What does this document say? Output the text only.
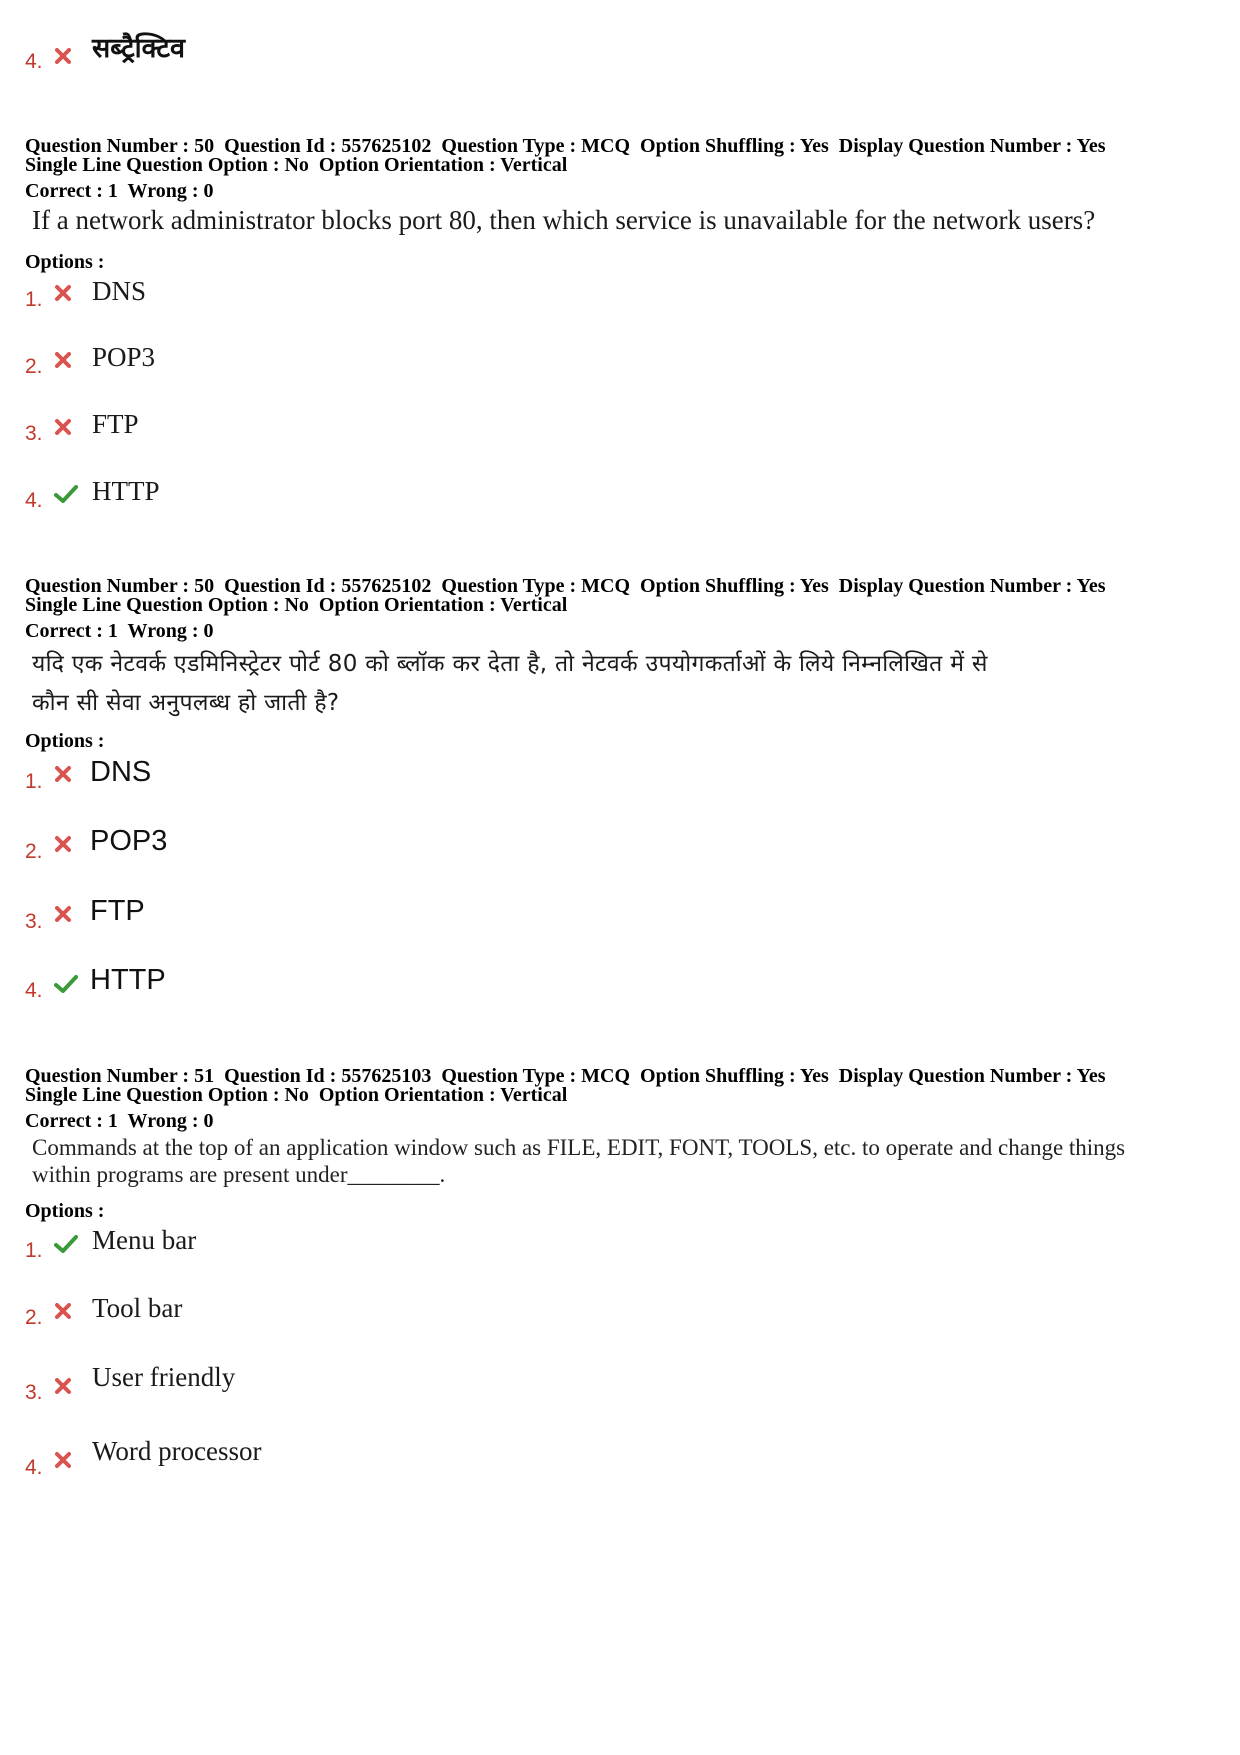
4. सब्ट्रैक्टिव
Question Number : 50  Question Id : 557625102  Question Type : MCQ  Option Shuffling : Yes  Display Question Number : Yes
Single Line Question Option : No  Option Orientation : Vertical
Correct : 1  Wrong : 0
If a network administrator blocks port 80, then which service is unavailable for the network users?
Options :
1. DNS
2. POP3
3. FTP
4. HTTP
Question Number : 50  Question Id : 557625102  Question Type : MCQ  Option Shuffling : Yes  Display Question Number : Yes
Single Line Question Option : No  Option Orientation : Vertical
Correct : 1  Wrong : 0
यदि एक नेटवर्क एडमिनिस्ट्रेटर पोर्ट 80 को ब्लॉक कर देता है, तो नेटवर्क उपयोगकर्ताओं के लिये निम्नलिखित में से
कौन सी सेवा अनुपलब्ध हो जाती है?
Options :
1. DNS
2. POP3
3. FTP
4. HTTP
Question Number : 51  Question Id : 557625103  Question Type : MCQ  Option Shuffling : Yes  Display Question Number : Yes
Single Line Question Option : No  Option Orientation : Vertical
Correct : 1  Wrong : 0
Commands at the top of an application window such as FILE, EDIT, FONT, TOOLS, etc. to operate and change things
within programs are present under________.
Options :
1. Menu bar
2. Tool bar
3.
User friendly
4.
Word processor
